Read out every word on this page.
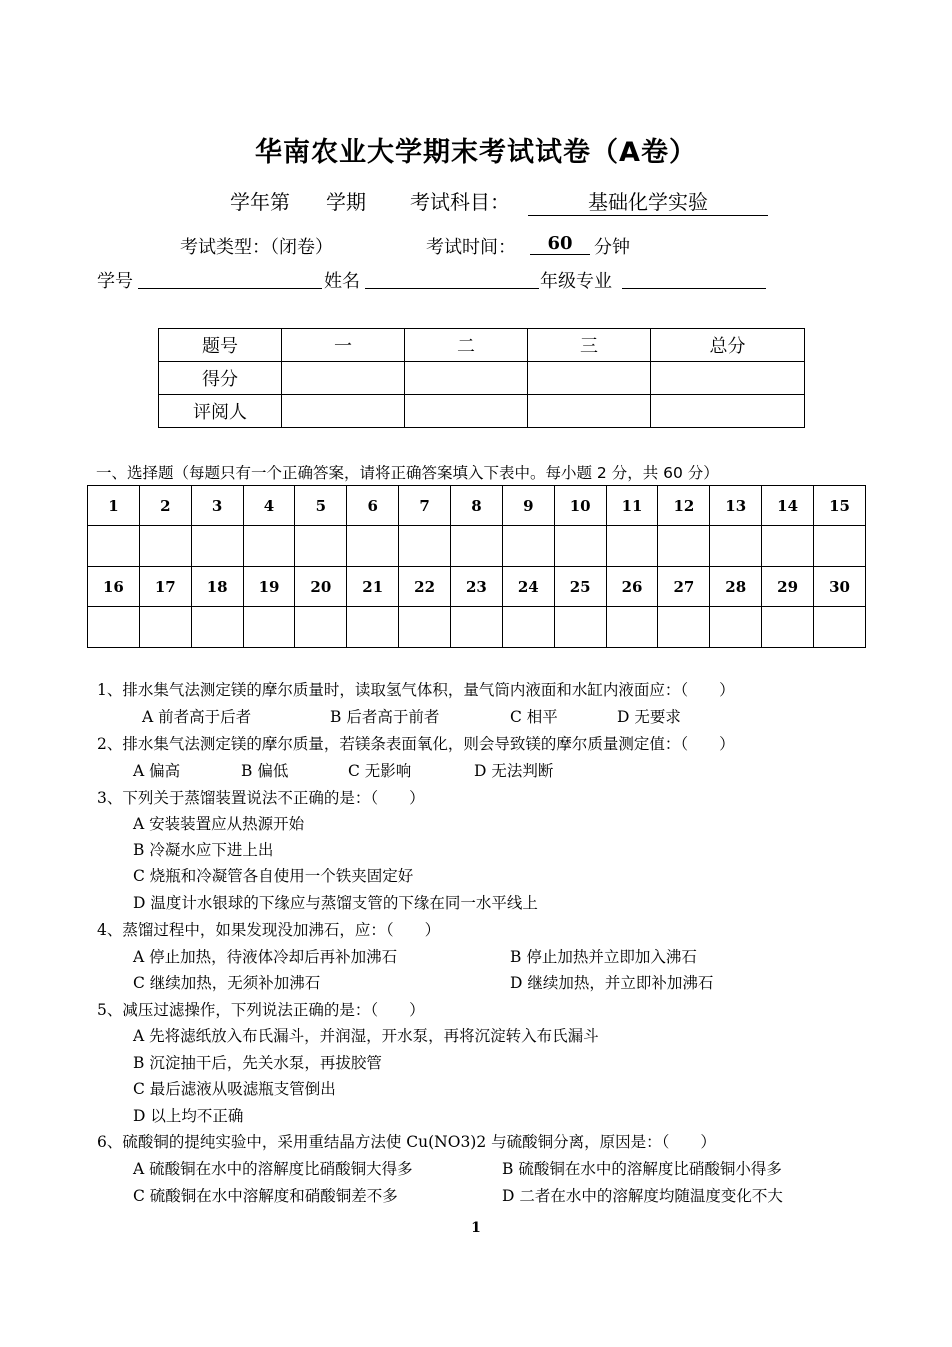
华南农业大学期末考试试卷（A卷）
学年第 学期 考试科目：	基础化学实验
考试类型：（闭卷）	考试时间：	60	分钟
学号	姓名	年级专业
题号	一	二	三	总分
得分				
评阅人				
一、选择题（每题只有一个正确答案，请将正确答案填入下表中。每小题 2 分，共 60 分）
1	2	3	4	5	6	7	8	9	10	11	12	13	14	15

16	17	18	19	20	21	22	23	24	25	26	27	28	29	30

1、排水集气法测定镁的摩尔质量时，读取氢气体积，量气筒内液面和水缸内液面应：（　　）
A 前者高于后者	B 后者高于前者	C 相平	D 无要求
2、排水集气法测定镁的摩尔质量，若镁条表面氧化，则会导致镁的摩尔质量测定值：（　　）
A 偏高	B 偏低	C 无影响	D 无法判断
3、下列关于蒸馏装置说法不正确的是：（　　）
A 安装装置应从热源开始
B 冷凝水应下进上出
C 烧瓶和冷凝管各自使用一个铁夹固定好
D 温度计水银球的下缘应与蒸馏支管的下缘在同一水平线上
4、蒸馏过程中，如果发现没加沸石，应：（　　）
A 停止加热，待液体冷却后再补加沸石	B 停止加热并立即加入沸石
C 继续加热，无须补加沸石	D 继续加热，并立即补加沸石
5、减压过滤操作，下列说法正确的是：（　　）
A 先将滤纸放入布氏漏斗，并润湿，开水泵，再将沉淀转入布氏漏斗
B 沉淀抽干后，先关水泵，再拔胶管
C 最后滤液从吸滤瓶支管倒出
D 以上均不正确
6、硫酸铜的提纯实验中，采用重结晶方法使 Cu(NO3)2 与硫酸铜分离，原因是：（　　）
A 硫酸铜在水中的溶解度比硝酸铜大得多	B 硫酸铜在水中的溶解度比硝酸铜小得多
C 硫酸铜在水中溶解度和硝酸铜差不多	D 二者在水中的溶解度均随温度变化不大
1
